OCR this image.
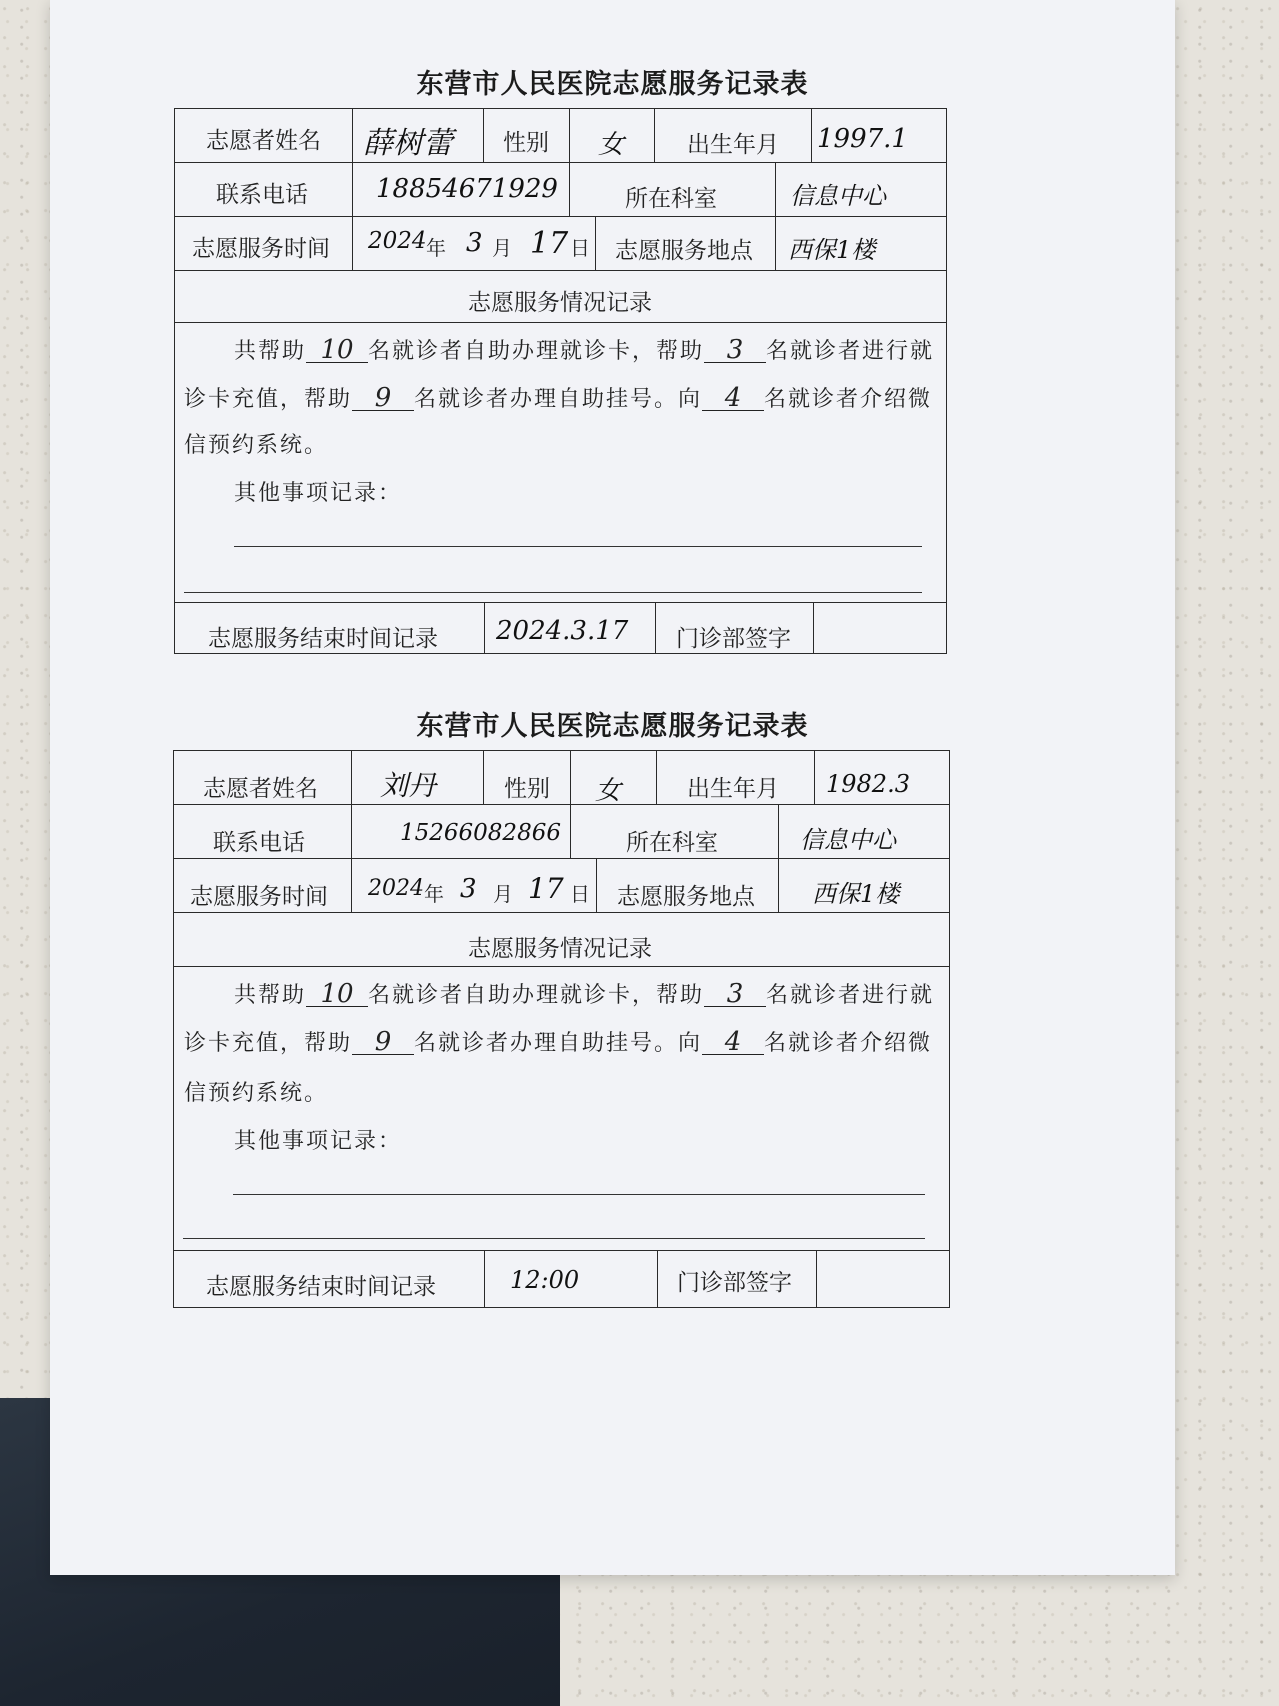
东营市人民医院志愿服务记录表
志愿者姓名 薛树蕾 性别 女	出生年月 1997.1
联系电话	18854671929	所在科室	信息中心
志愿服务时间 2024 年 3 月 17 日 志愿服务地点 西保1楼
志愿服务情况记录
共帮助 10 名就诊者自助办理就诊卡，帮助 3 名就诊者进行就
诊卡充值，帮助 9 名就诊者办理自助挂号。向 4 名就诊者介绍微
信预约系统。
其他事项记录：
志愿服务结束时间记录 2024.3.17 门诊部签字
东营市人民医院志愿服务记录表
志愿者姓名 刘丹	性别 女	出生年月 1982.3
联系电话	15266082866	所在科室	信息中心
志愿服务时间 2024 年 3 月 17 日 志愿服务地点 西保1楼
志愿服务情况记录
共帮助 10 名就诊者自助办理就诊卡，帮助 3 名就诊者进行就
诊卡充值，帮助 9 名就诊者办理自助挂号。向 4 名就诊者介绍微
信预约系统。
其他事项记录：
志愿服务结束时间记录	12:00	门诊部签字
